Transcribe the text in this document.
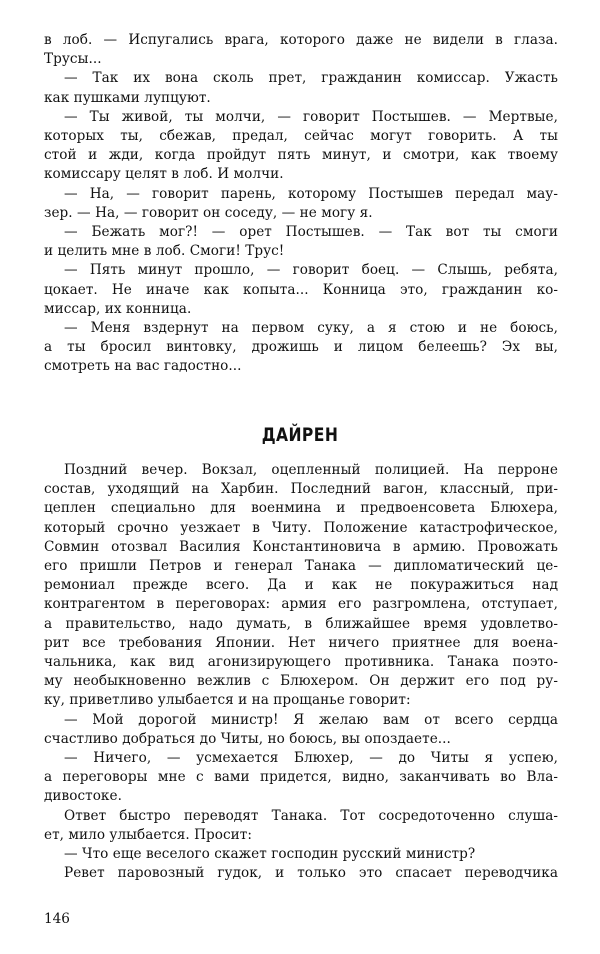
в лоб. — Испугались врага, которого даже не видели в глаза.
Трусы...
— Так их вона сколь прет, гражданин комиссар. Ужасть
как пушками лупцуют.
— Ты живой, ты молчи, — говорит Постышев. — Мертвые,
которых ты, сбежав, предал, сейчас могут говорить. А ты
стой и жди, когда пройдут пять минут, и смотри, как твоему
комиссару целят в лоб. И молчи.
— На, — говорит парень, которому Постышев передал мау-
зер. — На, — говорит он соседу, — не могу я.
— Бежать мог?! — орет Постышев. — Так вот ты смоги
и целить мне в лоб. Смоги! Трус!
— Пять минут прошло, — говорит боец. — Слышь, ребята,
цокает. Не иначе как копыта... Конница это, гражданин ко-
миссар, их конница.
— Меня вздернут на первом суку, а я стою и не боюсь,
а ты бросил винтовку, дрожишь и лицом белеешь? Эх вы,
смотреть на вас гадостно...
ДАЙРЕН
Поздний вечер. Вокзал, оцепленный полицией. На перроне
состав, уходящий на Харбин. Последний вагон, классный, при-
цеплен специально для военмина и предвоенсовета Блюхера,
который срочно уезжает в Читу. Положение катастрофическое,
Совмин отозвал Василия Константиновича в армию. Провожать
его пришли Петров и генерал Танака — дипломатический це-
ремониал прежде всего. Да и как не покуражиться над
контрагентом в переговорах: армия его разгромлена, отступает,
а правительство, надо думать, в ближайшее время удовлетво-
рит все требования Японии. Нет ничего приятнее для воена-
чальника, как вид агонизирующего противника. Танака поэто-
му необыкновенно вежлив с Блюхером. Он держит его под ру-
ку, приветливо улыбается и на прощанье говорит:
— Мой дорогой министр! Я желаю вам от всего сердца
счастливо добраться до Читы, но боюсь, вы опоздаете...
— Ничего, — усмехается Блюхер, — до Читы я успею,
а переговоры мне с вами придется, видно, заканчивать во Вла-
дивостоке.
Ответ быстро переводят Танака. Тот сосредоточенно слуша-
ет, мило улыбается. Просит:
— Что еще веселого скажет господин русский министр?
Ревет паровозный гудок, и только это спасает переводчика
146
